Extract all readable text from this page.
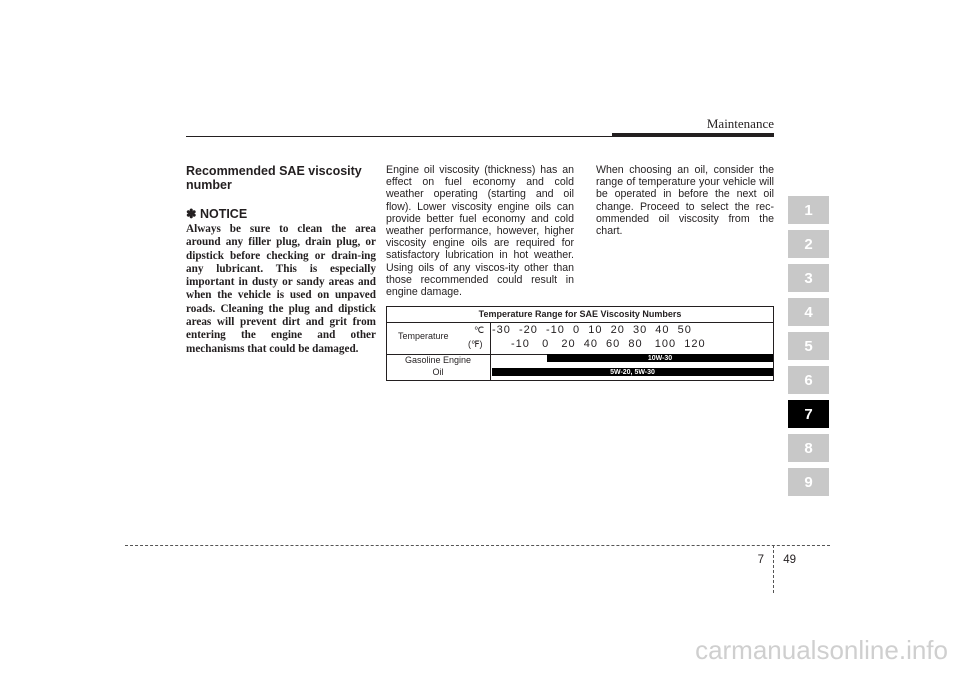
Maintenance
1
2
3
4
5
6
7
8
9

Recommended SAE viscosity number

✽ NOTICE
Always be sure to clean the area around any filler plug, drain plug, or dipstick before checking or drain-ing any lubricant. This is especially important in dusty or sandy areas and when the vehicle is used on unpaved roads. Cleaning the plug and dipstick areas will prevent dirt and grit from entering the engine and other mechanisms that could be damaged.
Engine oil viscosity (thickness) has an effect on fuel economy and cold weather operating (starting and oil flow). Lower viscosity engine oils can provide better fuel economy and cold weather performance, however, higher viscosity engine oils are required for satisfactory lubrication in hot weather. Using oils of any viscos-ity other than those recommended could result in engine damage.
When choosing an oil, consider the range of temperature your vehicle will be operated in before the next oil change. Proceed to select the rec-ommended oil viscosity from the chart.
Temperature Range for SAE Viscosity Numbers
Temperature
℃
(℉)
-30  -20  -10  0  10  20  30  40  50
-10   0   20  40  60  80   100  120
Gasoline Engine Oil
10W-30
5W-20, 5W-30
7 49
carmanualsonline.info
